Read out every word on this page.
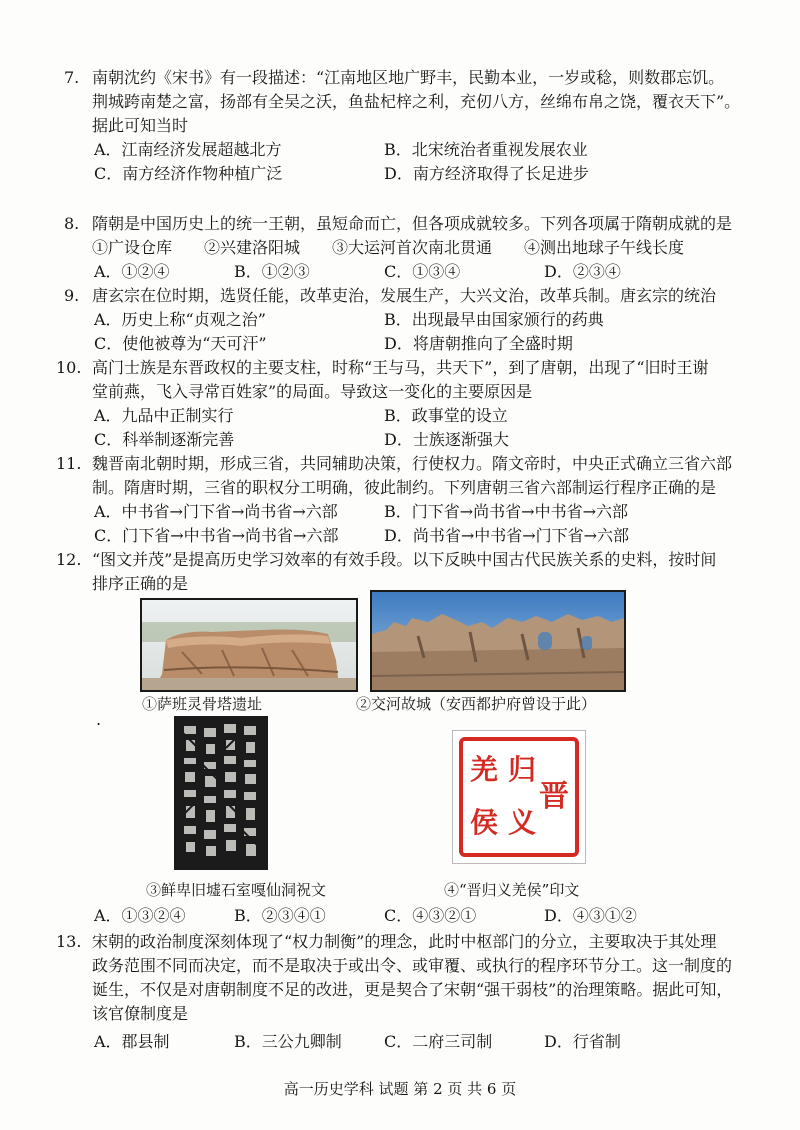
7. 南朝沈约《宋书》有一段描述：“江南地区地广野丰，民勤本业，一岁或稔，则数郡忘饥。
荆城跨南楚之富，扬部有全吴之沃，鱼盐杞梓之利，充仞八方，丝绵布帛之饶，覆衣天下”。
据此可知当时
A．江南经济发展超越北方	B．北宋统治者重视发展农业
C．南方经济作物种植广泛	D．南方经济取得了长足进步
8. 隋朝是中国历史上的统一王朝，虽短命而亡，但各项成就较多。下列各项属于隋朝成就的是
①广设仓库　　②兴建洛阳城　　③大运河首次南北贯通　　④测出地球子午线长度
A．①②④	B．①②③	C．①③④	D．②③④
9. 唐玄宗在位时期，选贤任能，改革吏治，发展生产，大兴文治，改革兵制。唐玄宗的统治
A．历史上称“贞观之治”	B．出现最早由国家颁行的药典
C．使他被尊为“天可汗”	D．将唐朝推向了全盛时期
10. 高门士族是东晋政权的主要支柱，时称“王与马，共天下”，到了唐朝，出现了“旧时王谢
堂前燕，飞入寻常百姓家”的局面。导致这一变化的主要原因是
A．九品中正制实行	B．政事堂的设立
C．科举制逐渐完善	D．士族逐渐强大
11. 魏晋南北朝时期，形成三省，共同辅助决策，行使权力。隋文帝时，中央正式确立三省六部
制。隋唐时期，三省的职权分工明确，彼此制约。下列唐朝三省六部制运行程序正确的是
A．中书省→门下省→尚书省→六部	B．门下省→尚书省→中书省→六部
C．门下省→中书省→尚书省→六部	D．尚书省→中书省→门下省→六部
12. “图文并茂”是提高历史学习效率的有效手段。以下反映中国古代民族关系的史料，按时间
排序正确的是
①萨班灵骨塔遗址	②交河故城（安西都护府曾设于此）
.
③鲜卑旧墟石室嘎仙洞祝文
晋
归
义
羌
侯
④“晋归义羌侯”印文
A．①③②④	B．②③④①	C．④③②①	D．④③①②
13. 宋朝的政治制度深刻体现了“权力制衡”的理念，此时中枢部门的分立，主要取决于其处理
政务范围不同而决定，而不是取决于或出令、或审覆、或执行的程序环节分工。这一制度的
诞生，不仅是对唐朝制度不足的改进，更是契合了宋朝“强干弱枝”的治理策略。据此可知，
该官僚制度是
A．郡县制	B．三公九卿制	C．二府三司制	D．行省制
高一历史学科 试题 第 2 页 共 6 页
